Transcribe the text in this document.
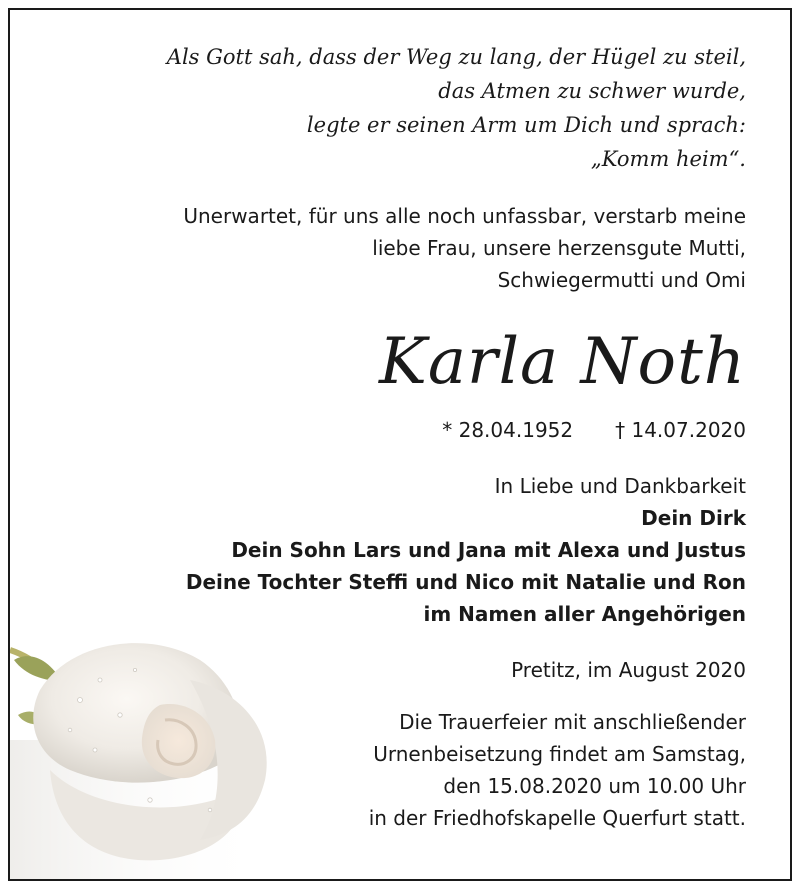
Als Gott sah, dass der Weg zu lang, der Hügel zu steil,
das Atmen zu schwer wurde,
legte er seinen Arm um Dich und sprach:
„Komm heim“.
Unerwartet, für uns alle noch unfassbar, verstarb meine
liebe Frau, unsere herzensgute Mutti,
Schwiegermutti und Omi
Karla Noth
* 28.04.1952 † 14.07.2020
In Liebe und Dankbarkeit
Dein Dirk
Dein Sohn Lars und Jana mit Alexa und Justus
Deine Tochter Steffi und Nico mit Natalie und Ron
im Namen aller Angehörigen
Pretitz, im August 2020
Die Trauerfeier mit anschließender
Urnenbeisetzung findet am Samstag,
den 15.08.2020 um 10.00 Uhr
in der Friedhofskapelle Querfurt statt.
